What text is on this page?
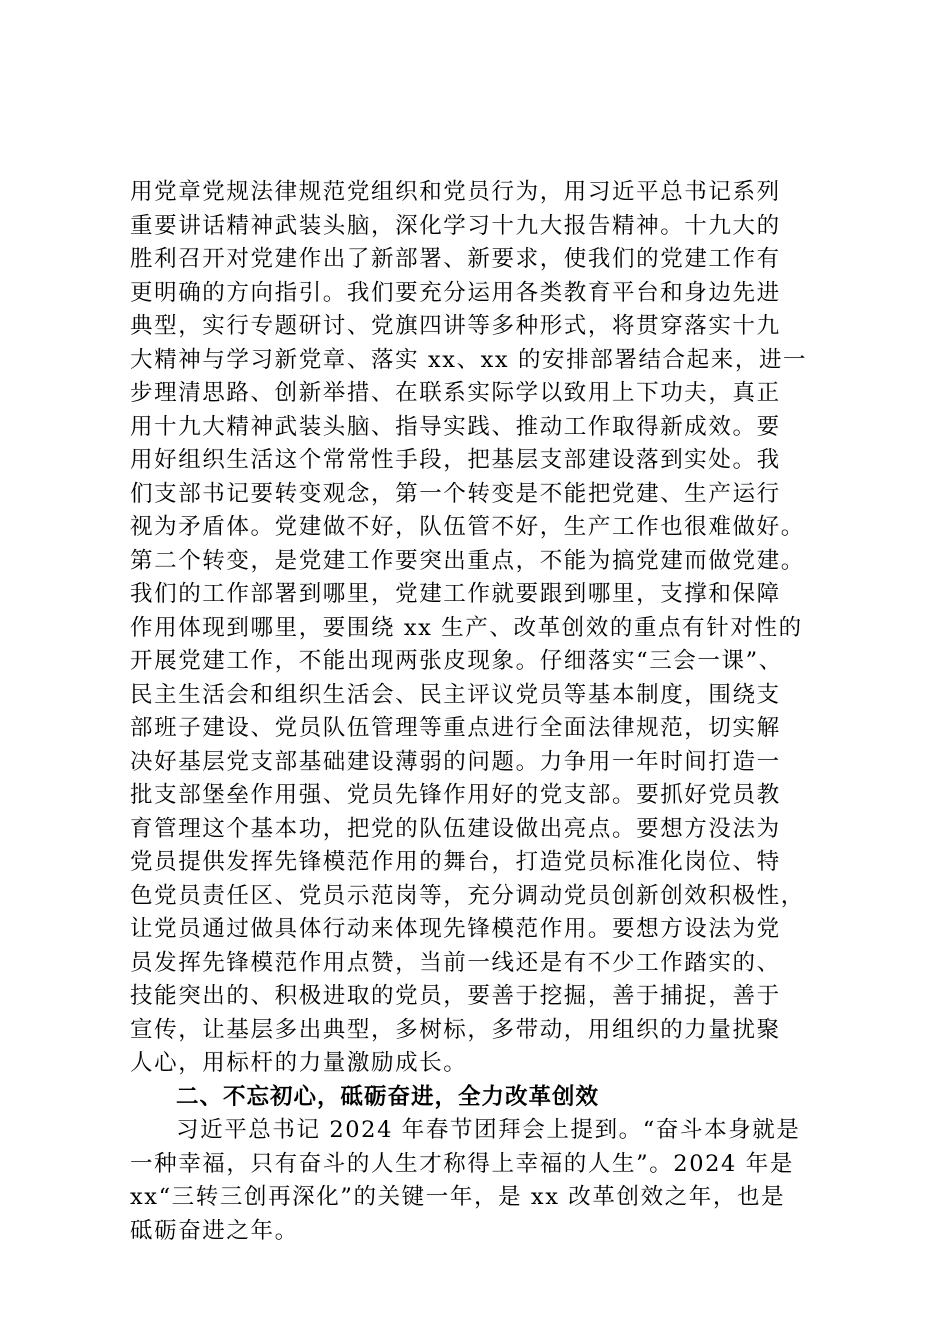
用党章党规法律规范党组织和党员行为，用习近平总书记系列
重要讲话精神武装头脑，深化学习十九大报告精神。十九大的
胜利召开对党建作出了新部署、新要求，使我们的党建工作有
更明确的方向指引。我们要充分运用各类教育平台和身边先进
典型，实行专题研讨、党旗四讲等多种形式，将贯穿落实十九
大精神与学习新党章、落实 xx、xx 的安排部署结合起来，进一
步理清思路、创新举措、在联系实际学以致用上下功夫，真正
用十九大精神武装头脑、指导实践、推动工作取得新成效。要
用好组织生活这个常常性手段，把基层支部建设落到实处。我
们支部书记要转变观念，第一个转变是不能把党建、生产运行
视为矛盾体。党建做不好，队伍管不好，生产工作也很难做好。
第二个转变，是党建工作要突出重点，不能为搞党建而做党建。
我们的工作部署到哪里，党建工作就要跟到哪里，支撑和保障
作用体现到哪里，要围绕 xx 生产、改革创效的重点有针对性的
开展党建工作，不能出现两张皮现象。仔细落实“三会一课”、
民主生活会和组织生活会、民主评议党员等基本制度，围绕支
部班子建设、党员队伍管理等重点进行全面法律规范，切实解
决好基层党支部基础建设薄弱的问题。力争用一年时间打造一
批支部堡垒作用强、党员先锋作用好的党支部。要抓好党员教
育管理这个基本功，把党的队伍建设做出亮点。要想方没法为
党员提供发挥先锋模范作用的舞台，打造党员标准化岗位、特
色党员责任区、党员示范岗等，充分调动党员创新创效积极性，
让党员通过做具体行动来体现先锋模范作用。要想方设法为党
员发挥先锋模范作用点赞，当前一线还是有不少工作踏实的、
技能突出的、积极进取的党员，要善于挖掘，善于捕捉，善于
宣传，让基层多出典型，多树标，多带动，用组织的力量扰聚
人心，用标杆的力量激励成长。
二、不忘初心，砥砺奋进，全力改革创效
习近平总书记 2024 年春节团拜会上提到。“奋斗本身就是
一种幸福，只有奋斗的人生才称得上幸福的人生”。2024 年是
xx“三转三创再深化”的关键一年，是 xx 改革创效之年，也是
砥砺奋进之年。
